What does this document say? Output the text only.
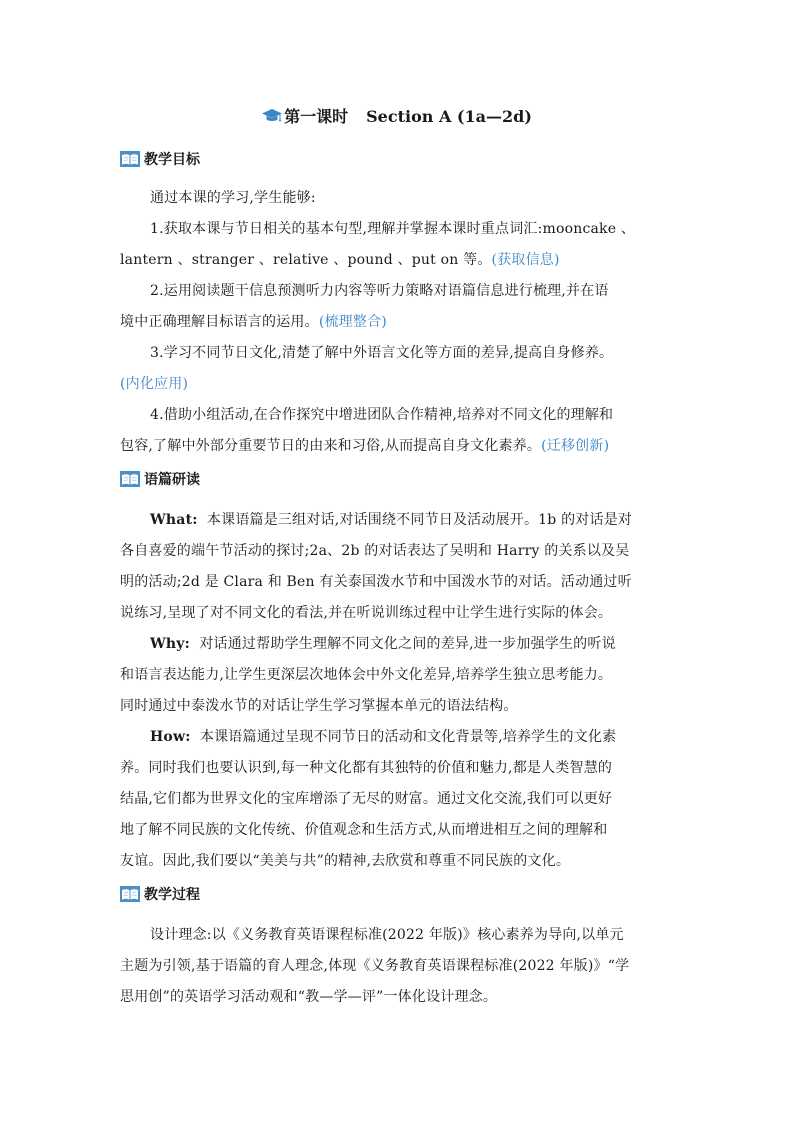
第一课时 Section A (1a—2d)
教学目标
通过本课的学习,学生能够:
1.获取本课与节日相关的基本句型,理解并掌握本课时重点词汇:mooncake 、
lantern 、stranger 、relative 、pound 、put on 等。(获取信息)
2.运用阅读题干信息预测听力内容等听力策略对语篇信息进行梳理,并在语
境中正确理解目标语言的运用。(梳理整合)
3.学习不同节日文化,清楚了解中外语言文化等方面的差异,提高自身修养。
(内化应用)
4.借助小组活动,在合作探究中增进团队合作精神,培养对不同文化的理解和
包容,了解中外部分重要节日的由来和习俗,从而提高自身文化素养。(迁移创新)
语篇研读
What: 本课语篇是三组对话,对话围绕不同节日及活动展开。1b 的对话是对
各自喜爱的端午节活动的探讨;2a、2b 的对话表达了吴明和 Harry 的关系以及吴
明的活动;2d 是 Clara 和 Ben 有关泰国泼水节和中国泼水节的对话。活动通过听
说练习,呈现了对不同文化的看法,并在听说训练过程中让学生进行实际的体会。
Why: 对话通过帮助学生理解不同文化之间的差异,进一步加强学生的听说
和语言表达能力,让学生更深层次地体会中外文化差异,培养学生独立思考能力。
同时通过中泰泼水节的对话让学生学习掌握本单元的语法结构。
How: 本课语篇通过呈现不同节日的活动和文化背景等,培养学生的文化素
养。同时我们也要认识到,每一种文化都有其独特的价值和魅力,都是人类智慧的
结晶,它们都为世界文化的宝库增添了无尽的财富。通过文化交流,我们可以更好
地了解不同民族的文化传统、价值观念和生活方式,从而增进相互之间的理解和
友谊。因此,我们要以“美美与共”的精神,去欣赏和尊重不同民族的文化。
教学过程
设计理念:以《义务教育英语课程标准(2022 年版)》核心素养为导向,以单元
主题为引领,基于语篇的育人理念,体现《义务教育英语课程标准(2022 年版)》“学
思用创”的英语学习活动观和“教—学—评”一体化设计理念。
